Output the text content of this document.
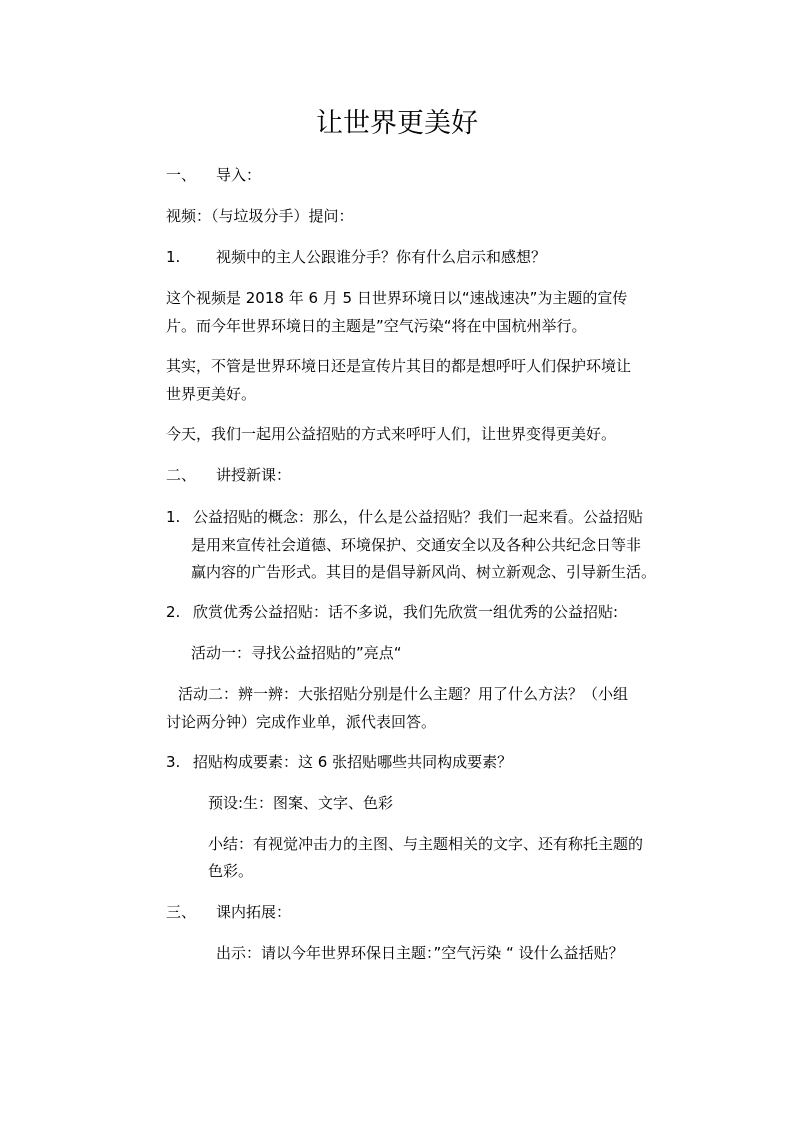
让世界更美好
一、 导入：
视频：（与垃圾分手）提问：
1. 视频中的主人公跟谁分手？你有什么启示和感想？
这个视频是 2018 年 6 月 5 日世界环境日以“速战速决”为主题的宣传
片。而今年世界环境日的主题是”空气污染“将在中国杭州举行。
其实，不管是世界环境日还是宣传片其目的都是想呼吁人们保护环境让
世界更美好。
今天，我们一起用公益招贴的方式来呼吁人们，让世界变得更美好。
二、 讲授新课：
1. 公益招贴的概念：那么，什么是公益招贴？我们一起来看。公益招贴
是用来宣传社会道德、环境保护、交通安全以及各种公共纪念日等非
赢内容的广告形式。其目的是倡导新风尚、树立新观念、引导新生活。
2. 欣赏优秀公益招贴：话不多说，我们先欣赏一组优秀的公益招贴:
活动一：寻找公益招贴的”亮点“
活动二：辨一辨：大张招贴分别是什么主题？用了什么方法？（小组
讨论两分钟）完成作业单，派代表回答。
3. 招贴构成要素：这 6 张招贴哪些共同构成要素？
预设:生：图案、文字、色彩
小结：有视觉冲击力的主图、与主题相关的文字、还有称托主题的
色彩。
三、 课内拓展：
出示：请以今年世界环保日主题：”空气污染 “ 设什么益括贴？
